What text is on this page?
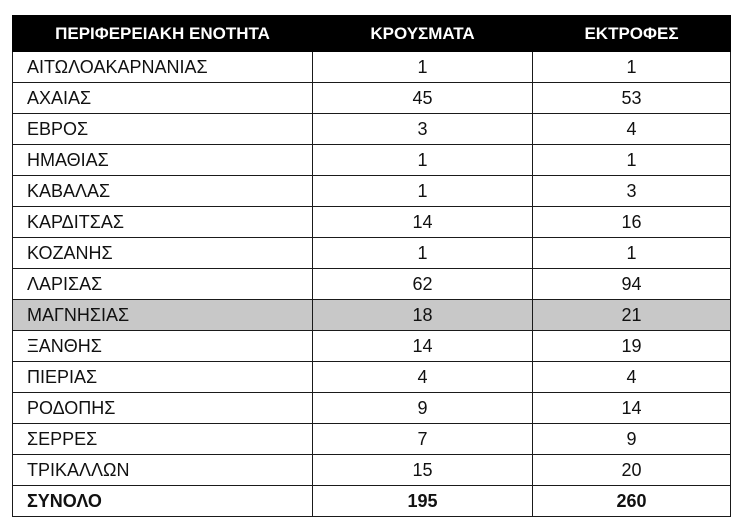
ΠΕΡΙΦΕΡΕΙΑΚΗ ΕΝΟΤΗΤΑ	ΚΡΟΥΣΜΑΤΑ	ΕΚΤΡΟΦΕΣ
ΑΙΤΩΛΟΑΚΑΡΝΑΝΙΑΣ	1	1
ΑΧΑΙΑΣ	45	53
ΕΒΡΟΣ	3	4
ΗΜΑΘΙΑΣ	1	1
ΚΑΒΑΛΑΣ	1	3
ΚΑΡΔΙΤΣΑΣ	14	16
ΚΟΖΑΝΗΣ	1	1
ΛΑΡΙΣΑΣ	62	94
ΜΑΓΝΗΣΙΑΣ	18	21
ΞΑΝΘΗΣ	14	19
ΠΙΕΡΙΑΣ	4	4
ΡΟΔΟΠΗΣ	9	14
ΣΕΡΡΕΣ	7	9
ΤΡΙΚΑΛΛΩΝ	15	20
ΣΥΝΟΛΟ	195	260
